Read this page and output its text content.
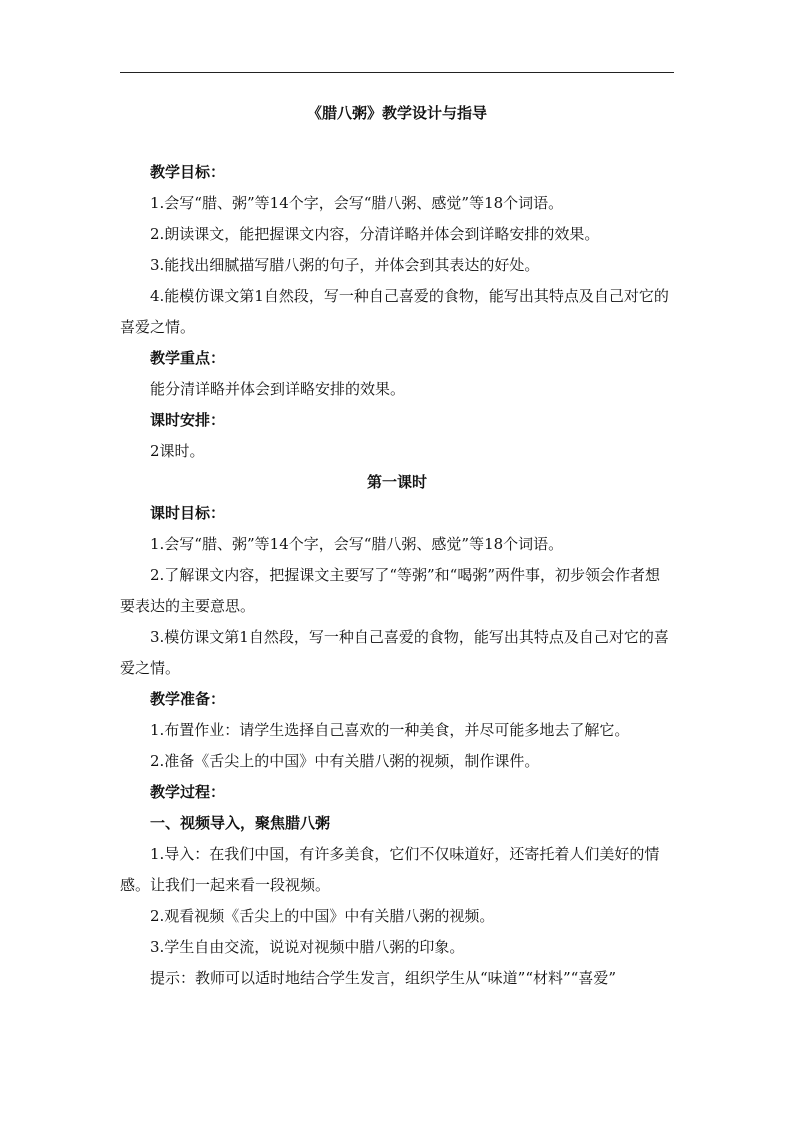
《腊八粥》教学设计与指导

教学目标：

1.会写“腊、粥”等14个字，会写“腊八粥、感觉”等18个词语。

2.朗读课文，能把握课文内容，分清详略并体会到详略安排的效果。

3.能找出细腻描写腊八粥的句子，并体会到其表达的好处。

4.能模仿课文第1自然段，写一种自己喜爱的食物，能写出其特点及自己对它的喜爱之情。

教学重点：

能分清详略并体会到详略安排的效果。

课时安排：

2课时。

第一课时

课时目标：

1.会写“腊、粥”等14个字，会写“腊八粥、感觉”等18个词语。

2.了解课文内容，把握课文主要写了“等粥”和“喝粥”两件事，初步领会作者想要表达的主要意思。

3.模仿课文第1自然段，写一种自己喜爱的食物，能写出其特点及自己对它的喜爱之情。

教学准备：

1.布置作业：请学生选择自己喜欢的一种美食，并尽可能多地去了解它。

2.准备《舌尖上的中国》中有关腊八粥的视频，制作课件。

教学过程：

一、视频导入，聚焦腊八粥

1.导入：在我们中国，有许多美食，它们不仅味道好，还寄托着人们美好的情感。让我们一起来看一段视频。

2.观看视频《舌尖上的中国》中有关腊八粥的视频。

3.学生自由交流，说说对视频中腊八粥的印象。

提示：教师可以适时地结合学生发言，组织学生从“味道”“材料”“喜爱”
